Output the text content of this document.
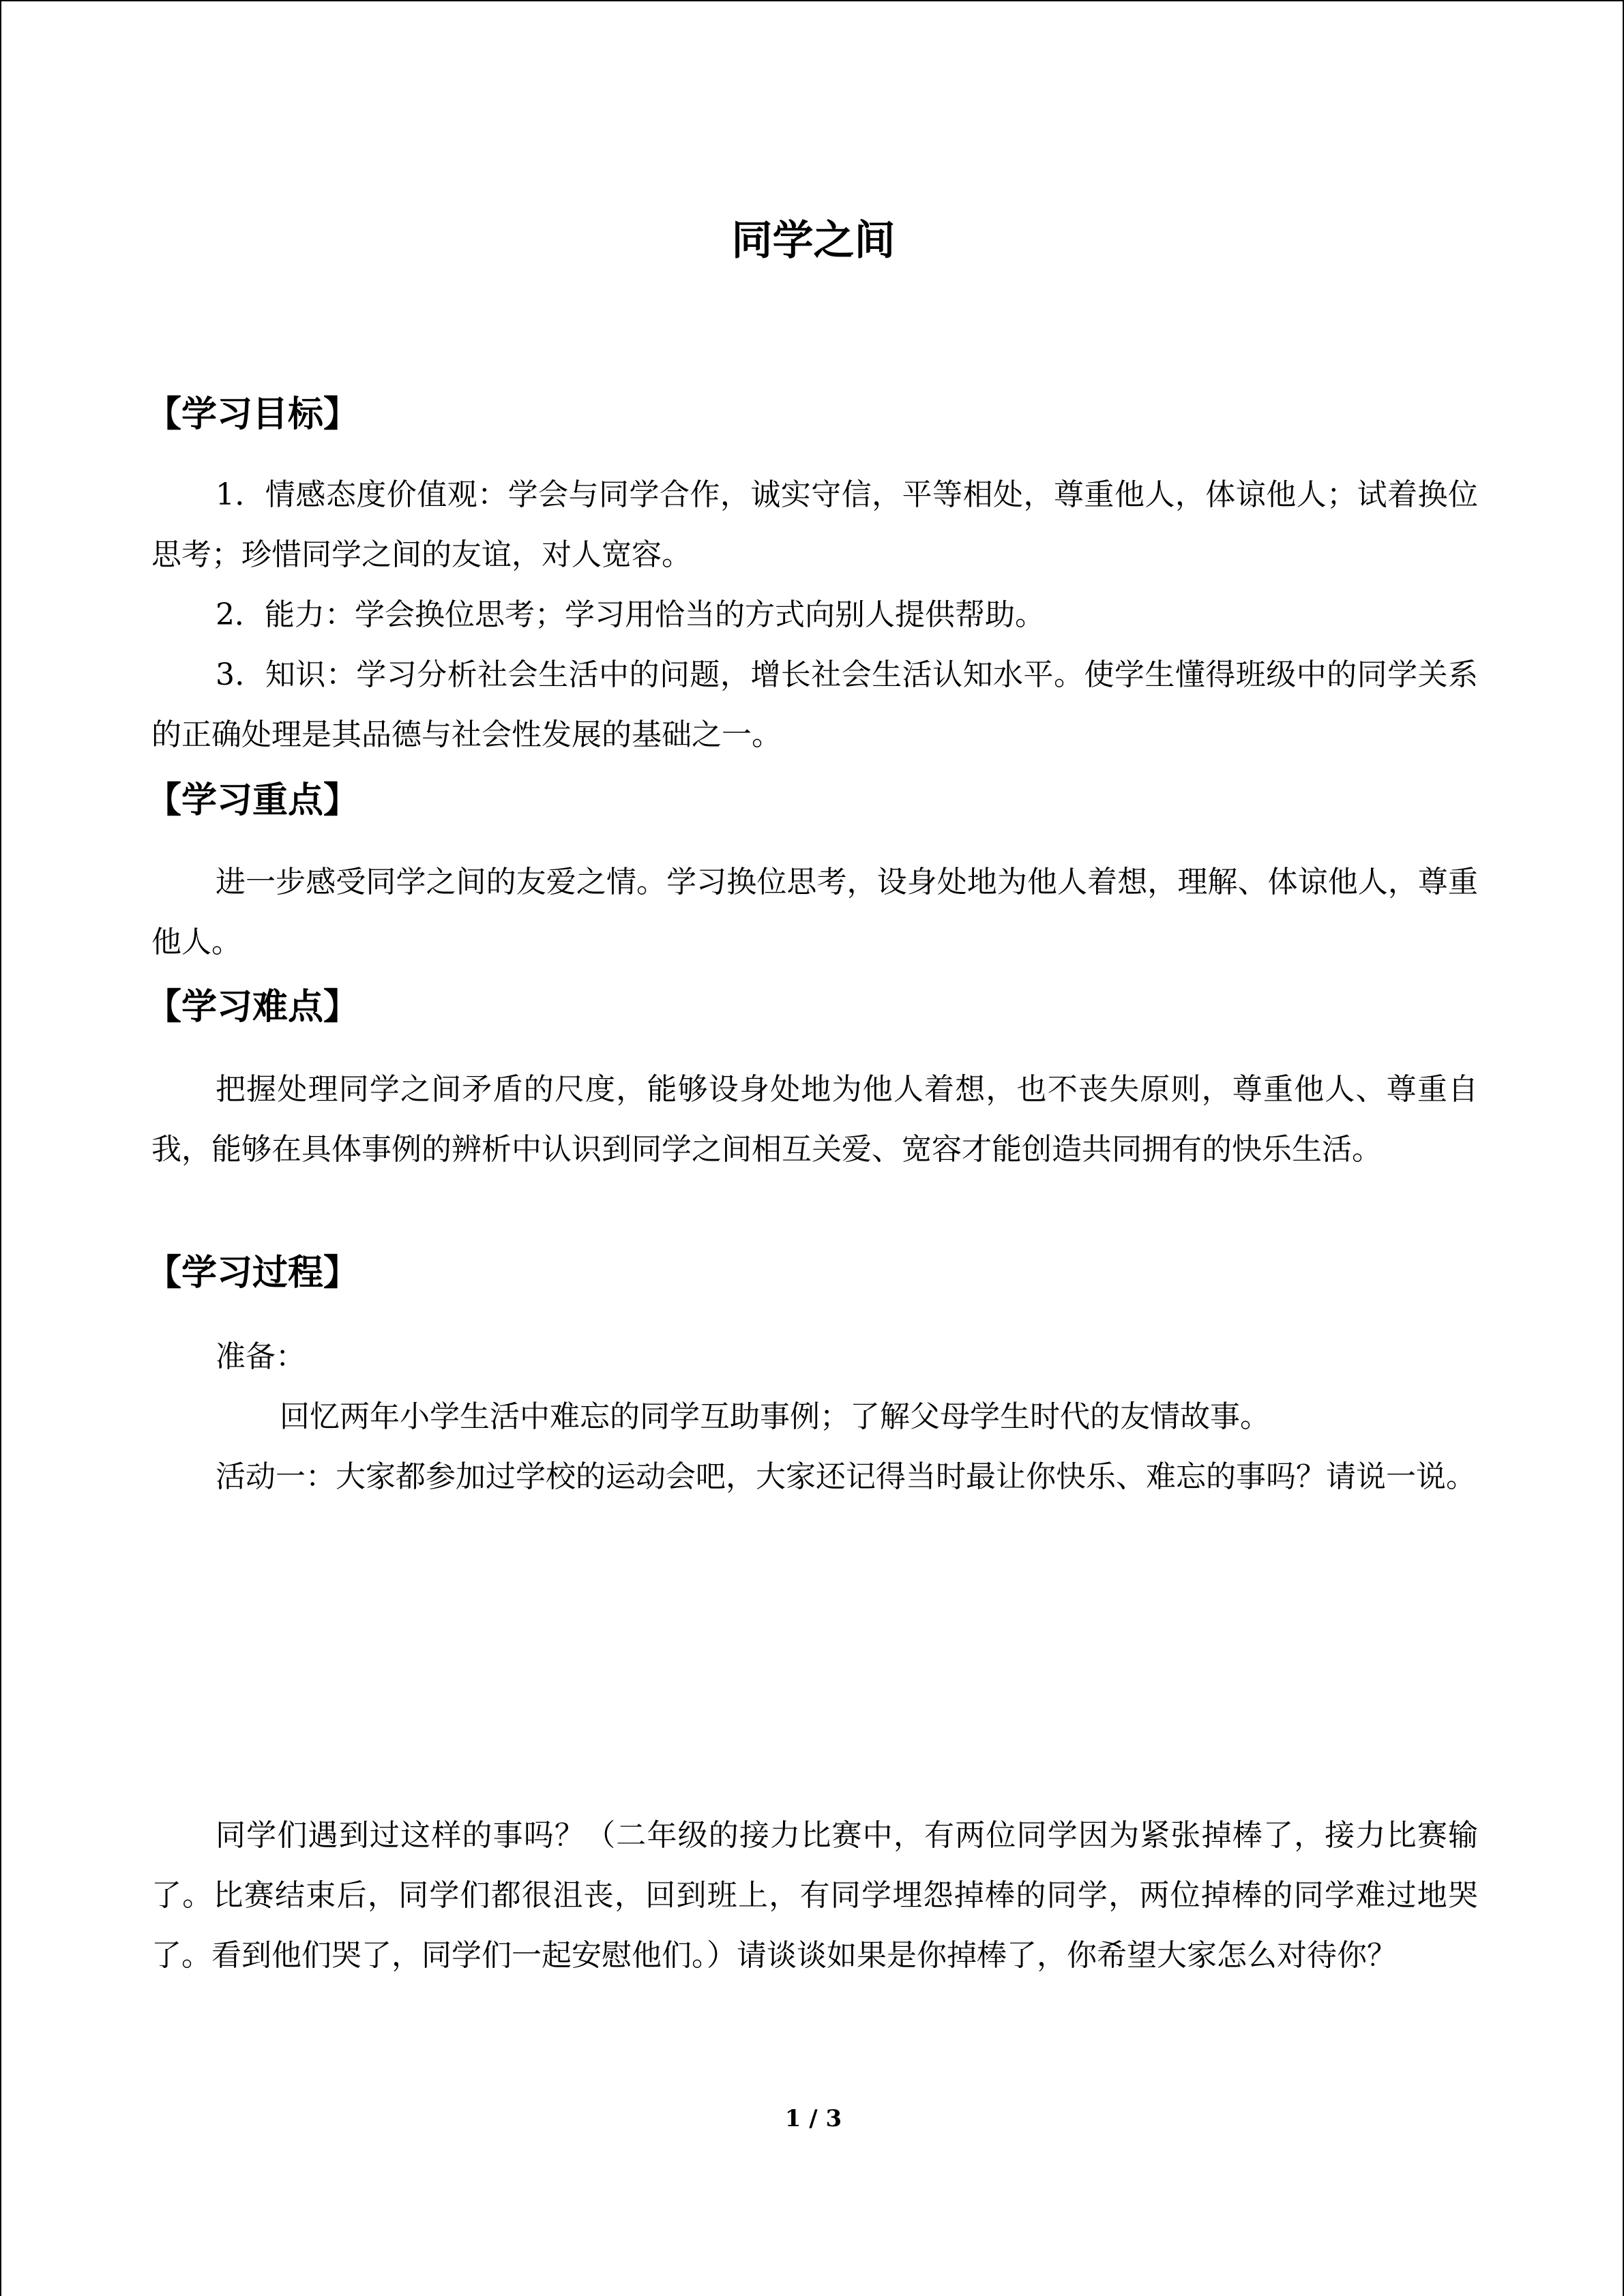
同学之间
【学习目标】

1．情感态度价值观：学会与同学合作，诚实守信，平等相处，尊重他人，体谅他人；试着换位思考；珍惜同学之间的友谊，对人宽容。

2．能力：学会换位思考；学习用恰当的方式向别人提供帮助。

3．知识：学习分析社会生活中的问题，增长社会生活认知水平。使学生懂得班级中的同学关系的正确处理是其品德与社会性发展的基础之一。

【学习重点】

进一步感受同学之间的友爱之情。学习换位思考，设身处地为他人着想，理解、体谅他人，尊重他人。

【学习难点】

把握处理同学之间矛盾的尺度，能够设身处地为他人着想，也不丧失原则，尊重他人、尊重自我，能够在具体事例的辨析中认识到同学之间相互关爱、宽容才能创造共同拥有的快乐生活。

【学习过程】

准备：

回忆两年小学生活中难忘的同学互助事例；了解父母学生时代的友情故事。

活动一：大家都参加过学校的运动会吧，大家还记得当时最让你快乐、难忘的事吗？请说一说。

同学们遇到过这样的事吗？（二年级的接力比赛中，有两位同学因为紧张掉棒了，接力比赛输了。比赛结束后，同学们都很沮丧，回到班上，有同学埋怨掉棒的同学，两位掉棒的同学难过地哭了。看到他们哭了，同学们一起安慰他们。）请谈谈如果是你掉棒了，你希望大家怎么对待你？

1 / 3
